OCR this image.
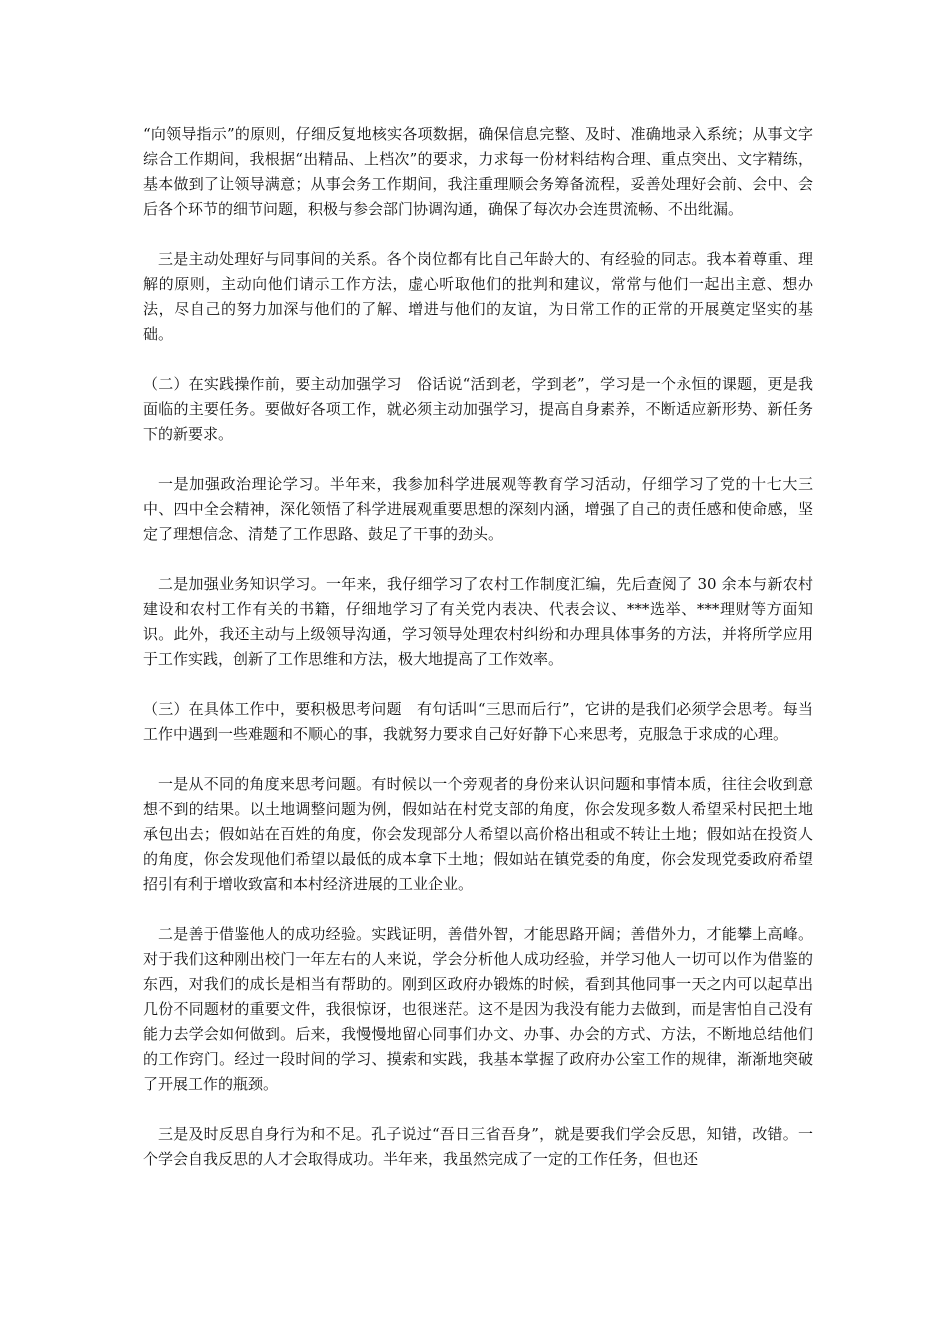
“向领导指示”的原则，仔细反复地核实各项数据，确保信息完整、及时、准确地录入系统；从事文字综合工作期间，我根据“出精品、上档次”的要求，力求每一份材料结构合理、重点突出、文字精练，基本做到了让领导满意；从事会务工作期间，我注重理顺会务筹备流程，妥善处理好会前、会中、会后各个环节的细节问题，积极与参会部门协调沟通，确保了每次办会连贯流畅、不出纰漏。

三是主动处理好与同事间的关系。各个岗位都有比自己年龄大的、有经验的同志。我本着尊重、理解的原则，主动向他们请示工作方法，虚心听取他们的批判和建议，常常与他们一起出主意、想办法，尽自己的努力加深与他们的了解、增进与他们的友谊，为日常工作的正常的开展奠定坚实的基础。

（二）在实践操作前，要主动加强学习　俗话说“活到老，学到老”，学习是一个永恒的课题，更是我面临的主要任务。要做好各项工作，就必须主动加强学习，提高自身素养，不断适应新形势、新任务下的新要求。

一是加强政治理论学习。半年来，我参加科学进展观等教育学习活动，仔细学习了党的十七大三中、四中全会精神，深化领悟了科学进展观重要思想的深刻内涵，增强了自己的责任感和使命感，坚定了理想信念、清楚了工作思路、鼓足了干事的劲头。

二是加强业务知识学习。一年来，我仔细学习了农村工作制度汇编，先后查阅了 30 余本与新农村建设和农村工作有关的书籍，仔细地学习了有关党内表决、代表会议、***选举、***理财等方面知识。此外，我还主动与上级领导沟通，学习领导处理农村纠纷和办理具体事务的方法，并将所学应用于工作实践，创新了工作思维和方法，极大地提高了工作效率。

（三）在具体工作中，要积极思考问题　有句话叫“三思而后行”，它讲的是我们必须学会思考。每当工作中遇到一些难题和不顺心的事，我就努力要求自己好好静下心来思考，克服急于求成的心理。

一是从不同的角度来思考问题。有时候以一个旁观者的身份来认识问题和事情本质，往往会收到意想不到的结果。以土地调整问题为例，假如站在村党支部的角度，你会发现多数人希望采村民把土地承包出去；假如站在百姓的角度，你会发现部分人希望以高价格出租或不转让土地；假如站在投资人的角度，你会发现他们希望以最低的成本拿下土地；假如站在镇党委的角度，你会发现党委政府希望招引有利于增收致富和本村经济进展的工业企业。

二是善于借鉴他人的成功经验。实践证明，善借外智，才能思路开阔；善借外力，才能攀上高峰。对于我们这种刚出校门一年左右的人来说，学会分析他人成功经验，并学习他人一切可以作为借鉴的东西，对我们的成长是相当有帮助的。刚到区政府办锻炼的时候，看到其他同事一天之内可以起草出几份不同题材的重要文件，我很惊讶，也很迷茫。这不是因为我没有能力去做到，而是害怕自己没有能力去学会如何做到。后来，我慢慢地留心同事们办文、办事、办会的方式、方法，不断地总结他们的工作窍门。经过一段时间的学习、摸索和实践，我基本掌握了政府办公室工作的规律，渐渐地突破了开展工作的瓶颈。

三是及时反思自身行为和不足。孔子说过“吾日三省吾身”，就是要我们学会反思，知错，改错。一个学会自我反思的人才会取得成功。半年来，我虽然完成了一定的工作任务，但也还
